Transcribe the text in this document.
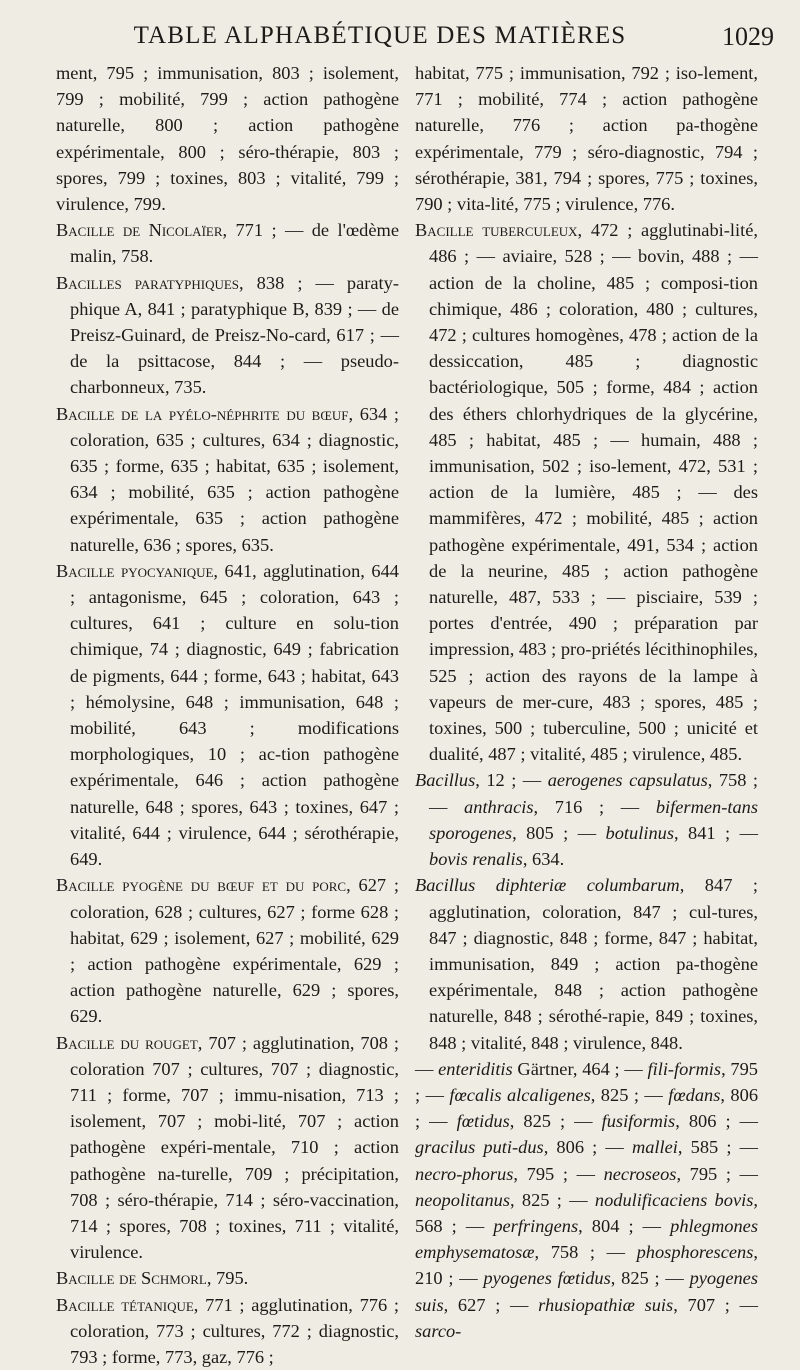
TABLE ALPHABÉTIQUE DES MATIÈRES	1029

ment, 795 ; immunisation, 803 ; isolement, 799 ; mobilité, 799 ; action pathogène naturelle, 800 ; action pathogène expérimentale, 800 ; séro-thérapie, 803 ; spores, 799 ; toxines, 803 ; vitalité, 799 ; virulence, 799.

Bacille de Nicolaïer, 771 ; — de l'œdème malin, 758.

Bacilles paratyphiques, 838 ; — paraty-phique A, 841 ; paratyphique B, 839 ; — de Preisz-Guinard, de Preisz-No-card, 617 ; — de la psittacose, 844 ; — pseudo-charbonneux, 735.

Bacille de la pyélo-néphrite du bœuf, 634 ; coloration, 635 ; cultures, 634 ; diagnostic, 635 ; forme, 635 ; habitat, 635 ; isolement, 634 ; mobilité, 635 ; action pathogène expérimentale, 635 ; action pathogène naturelle, 636 ; spores, 635.

Bacille pyocyanique, 641, agglutination, 644 ; antagonisme, 645 ; coloration, 643 ; cultures, 641 ; culture en solu-tion chimique, 74 ; diagnostic, 649 ; fabrication de pigments, 644 ; forme, 643 ; habitat, 643 ; hémolysine, 648 ; immunisation, 648 ; mobilité, 643 ; modifications morphologiques, 10 ; ac-tion pathogène expérimentale, 646 ; action pathogène naturelle, 648 ; spores, 643 ; toxines, 647 ; vitalité, 644 ; virulence, 644 ; sérothérapie, 649.

Bacille pyogène du bœuf et du porc, 627 ; coloration, 628 ; cultures, 627 ; forme 628 ; habitat, 629 ; isolement, 627 ; mobilité, 629 ; action pathogène expérimentale, 629 ; action pathogène naturelle, 629 ; spores, 629.

Bacille du rouget, 707 ; agglutination, 708 ; coloration 707 ; cultures, 707 ; diagnostic, 711 ; forme, 707 ; immu-nisation, 713 ; isolement, 707 ; mobi-lité, 707 ; action pathogène expéri-mentale, 710 ; action pathogène na-turelle, 709 ; précipitation, 708 ; séro-thérapie, 714 ; séro-vaccination, 714 ; spores, 708 ; toxines, 711 ; vitalité, virulence.

Bacille de Schmorl, 795.

Bacille tétanique, 771 ; agglutination, 776 ; coloration, 773 ; cultures, 772 ; diagnostic, 793 ; forme, 773, gaz, 776 ;

habitat, 775 ; immunisation, 792 ; iso-lement, 771 ; mobilité, 774 ; action pathogène naturelle, 776 ; action pa-thogène expérimentale, 779 ; séro-diagnostic, 794 ; sérothérapie, 381, 794 ; spores, 775 ; toxines, 790 ; vita-lité, 775 ; virulence, 776.

Bacille tuberculeux, 472 ; agglutinabi-lité, 486 ; — aviaire, 528 ; — bovin, 488 ; — action de la choline, 485 ; composi-tion chimique, 486 ; coloration, 480 ; cultures, 472 ; cultures homogènes, 478 ; action de la dessiccation, 485 ; diagnostic bactériologique, 505 ; forme, 484 ; action des éthers chlorhydriques de la glycérine, 485 ; habitat, 485 ; — humain, 488 ; immunisation, 502 ; iso-lement, 472, 531 ; action de la lumière, 485 ; — des mammifères, 472 ; mobilité, 485 ; action pathogène expérimentale, 491, 534 ; action de la neurine, 485 ; action pathogène naturelle, 487, 533 ; — pisciaire, 539 ; portes d'entrée, 490 ; préparation par impression, 483 ; pro-priétés lécithinophiles, 525 ; action des rayons de la lampe à vapeurs de mer-cure, 483 ; spores, 485 ; toxines, 500 ; tuberculine, 500 ; unicité et dualité, 487 ; vitalité, 485 ; virulence, 485.

Bacillus, 12 ; — aerogenes capsulatus, 758 ; — anthracis, 716 ; — bifermen-tans sporogenes, 805 ; — botulinus, 841 ; — bovis renalis, 634.

Bacillus diphteriæ columbarum, 847 ; agglutination, coloration, 847 ; cul-tures, 847 ; diagnostic, 848 ; forme, 847 ; habitat, immunisation, 849 ; action pa-thogène expérimentale, 848 ; action pathogène naturelle, 848 ; sérothé-rapie, 849 ; toxines, 848 ; vitalité, 848 ; virulence, 848.

— enteriditis Gärtner, 464 ; — fili-formis, 795 ; — fœcalis alcaligenes, 825 ; — fœdans, 806 ; — fœtidus, 825 ; — fusiformis, 806 ; — gracilus puti-dus, 806 ; — mallei, 585 ; — necro-phorus, 795 ; — necroseos, 795 ; — neopolitanus, 825 ; — nodulificaciens bovis, 568 ; — perfringens, 804 ; — phlegmones emphysematosæ, 758 ; — phosphorescens, 210 ; — pyogenes fœtidus, 825 ; — pyogenes suis, 627 ; — rhusiopathiæ suis, 707 ; — sarco-
